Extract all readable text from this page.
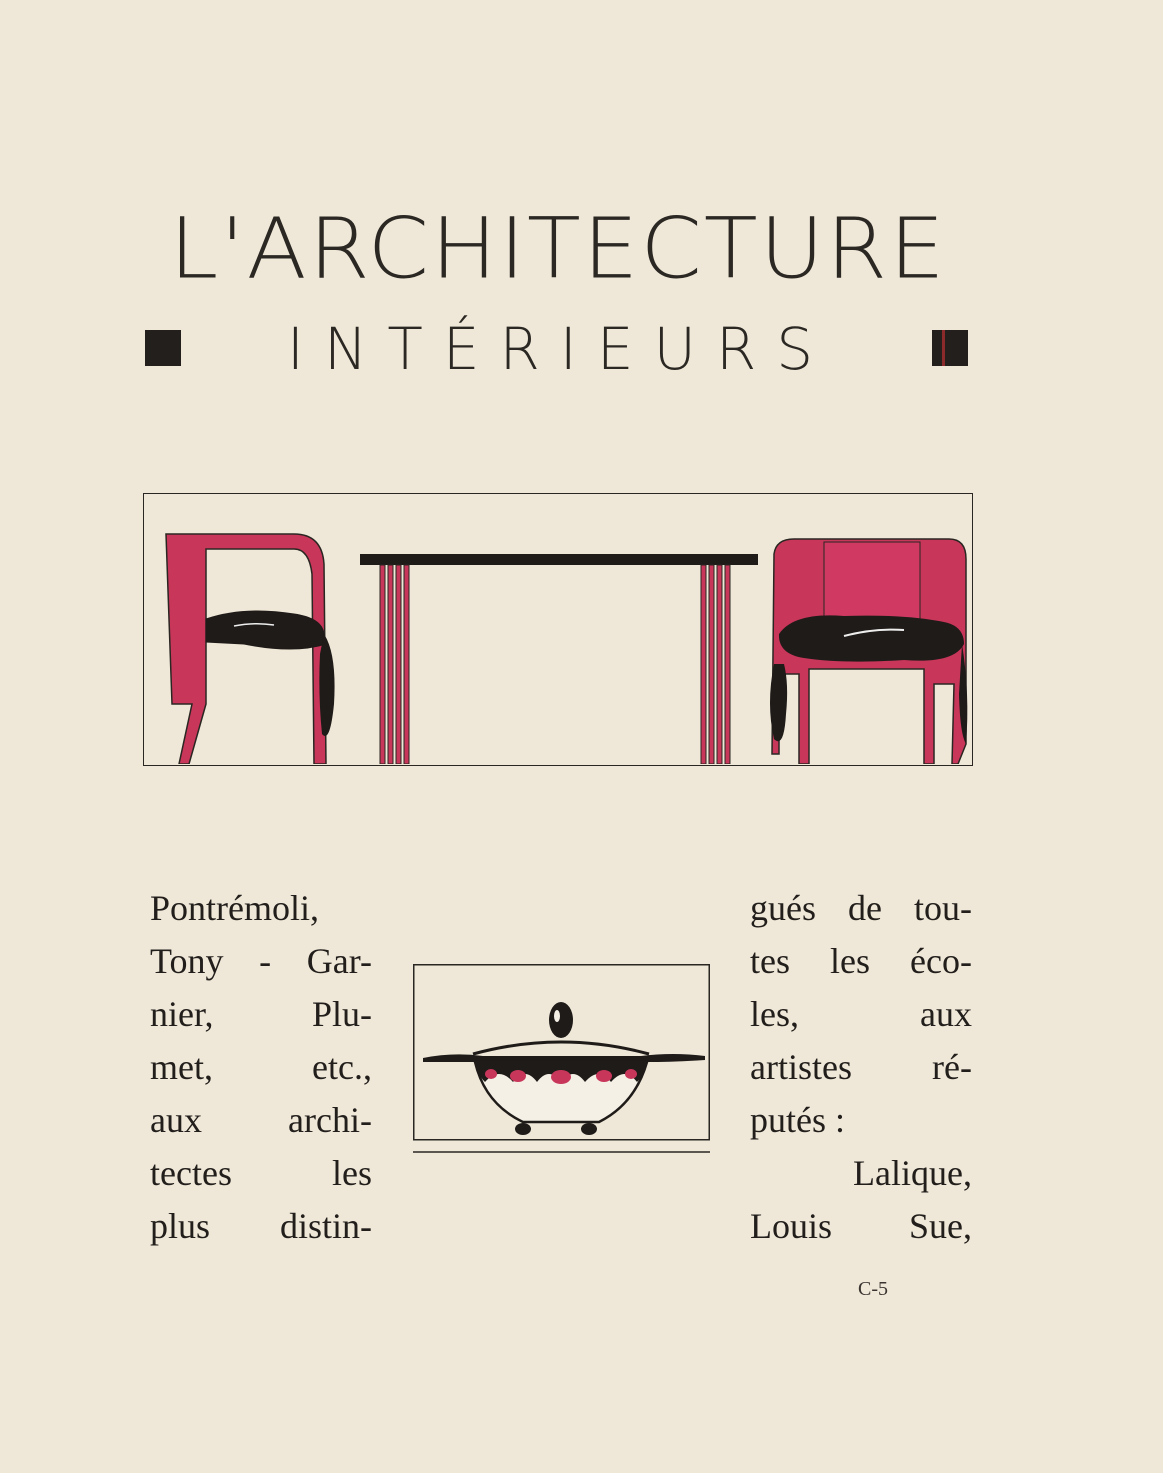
L'ARCHITECTURE
INTÉRIEURS
Pontrémoli,
Tony - Gar-
nier, Plu-
met, etc.,
aux archi-
tectes les
plus distin-
gués de tou-
tes les éco-
les, aux
artistes ré-
putés :
Lalique,
Louis Sue,
C-5
